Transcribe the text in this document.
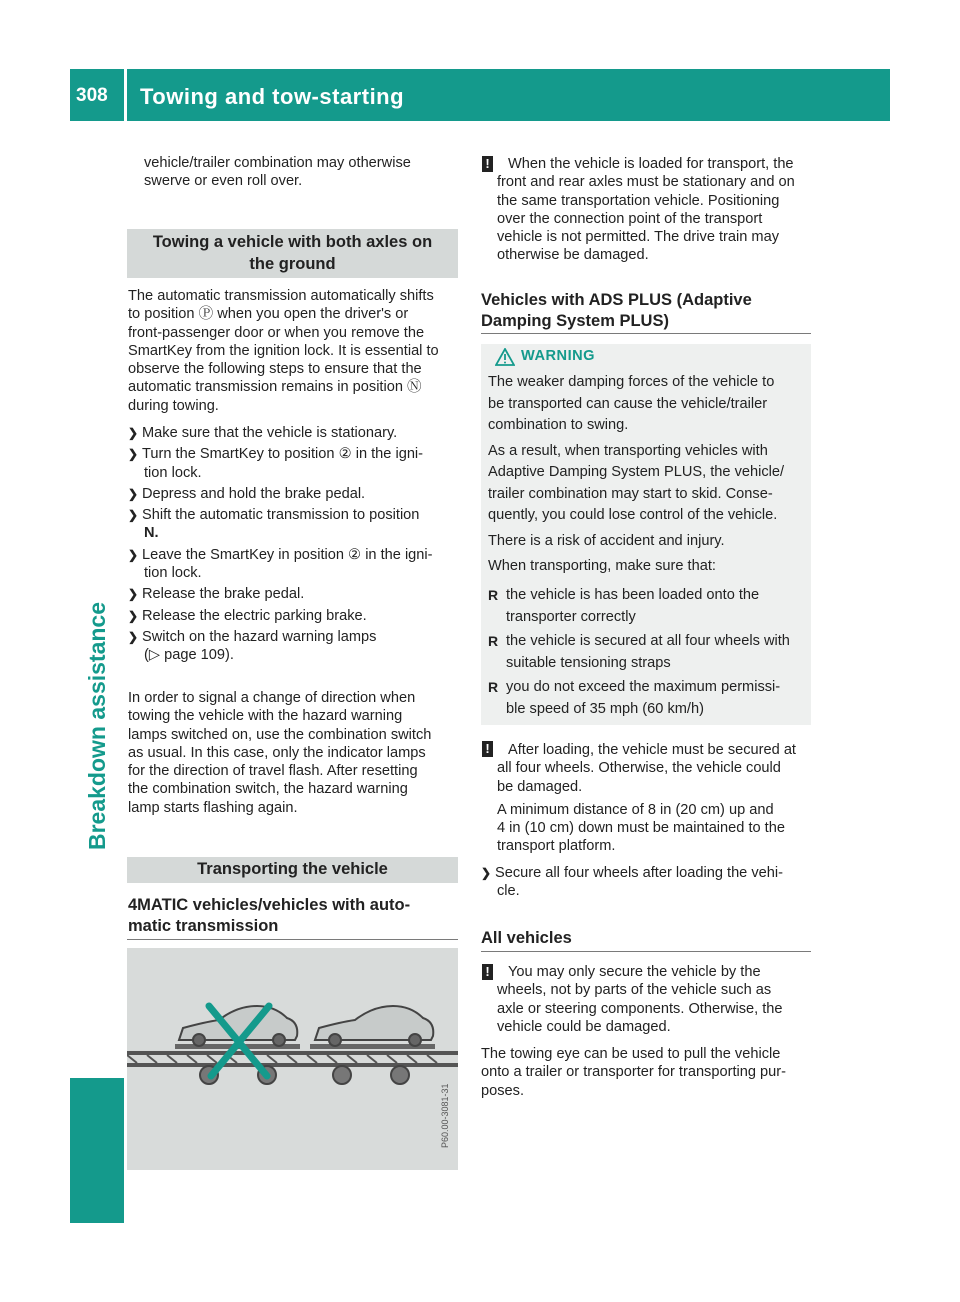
308 Towing and tow-starting
Breakdown assistance
vehicle/trailer combination may otherwise
swerve or even roll over.
Towing a vehicle with both axles on
the ground
The automatic transmission automatically shifts
to position Ⓟ when you open the driver's or
front-passenger door or when you remove the
SmartKey from the ignition lock. It is essential to
observe the following steps to ensure that the
automatic transmission remains in position Ⓝ
during towing.
❯ Make sure that the vehicle is stationary.
❯ Turn the SmartKey to position ② in the igni-
tion lock.
❯ Depress and hold the brake pedal.
❯ Shift the automatic transmission to position
N.
❯ Leave the SmartKey in position ② in the igni-
tion lock.
❯ Release the brake pedal.
❯ Release the electric parking brake.
❯ Switch on the hazard warning lamps
(▷ page 109).
In order to signal a change of direction when
towing the vehicle with the hazard warning
lamps switched on, use the combination switch
as usual. In this case, only the indicator lamps
for the direction of travel flash. After resetting
the combination switch, the hazard warning
lamp starts flashing again.
Transporting the vehicle
4MATIC vehicles/vehicles with auto-
matic transmission
P60.00-3081-31
!	When the vehicle is loaded for transport, the
front and rear axles must be stationary and on
the same transportation vehicle. Positioning
over the connection point of the transport
vehicle is not permitted. The drive train may
otherwise be damaged.
Vehicles with ADS PLUS (Adaptive
Damping System PLUS)
WARNING
The weaker damping forces of the vehicle to
be transported can cause the vehicle/trailer
combination to swing.
As a result, when transporting vehicles with
Adaptive Damping System PLUS, the vehicle/
trailer combination may start to skid. Conse-
quently, you could lose control of the vehicle.
There is a risk of accident and injury.
When transporting, make sure that:
R the vehicle is has been loaded onto the
transporter correctly
R the vehicle is secured at all four wheels with
suitable tensioning straps
R you do not exceed the maximum permissi-
ble speed of 35 mph (60 km/h)
!	After loading, the vehicle must be secured at
all four wheels. Otherwise, the vehicle could
be damaged.
A minimum distance of 8 in (20 cm) up and
4 in (10 cm) down must be maintained to the
transport platform.
❯ Secure all four wheels after loading the vehi-
cle.
All vehicles
!	You may only secure the vehicle by the
wheels, not by parts of the vehicle such as
axle or steering components. Otherwise, the
vehicle could be damaged.
The towing eye can be used to pull the vehicle
onto a trailer or transporter for transporting pur-
poses.
